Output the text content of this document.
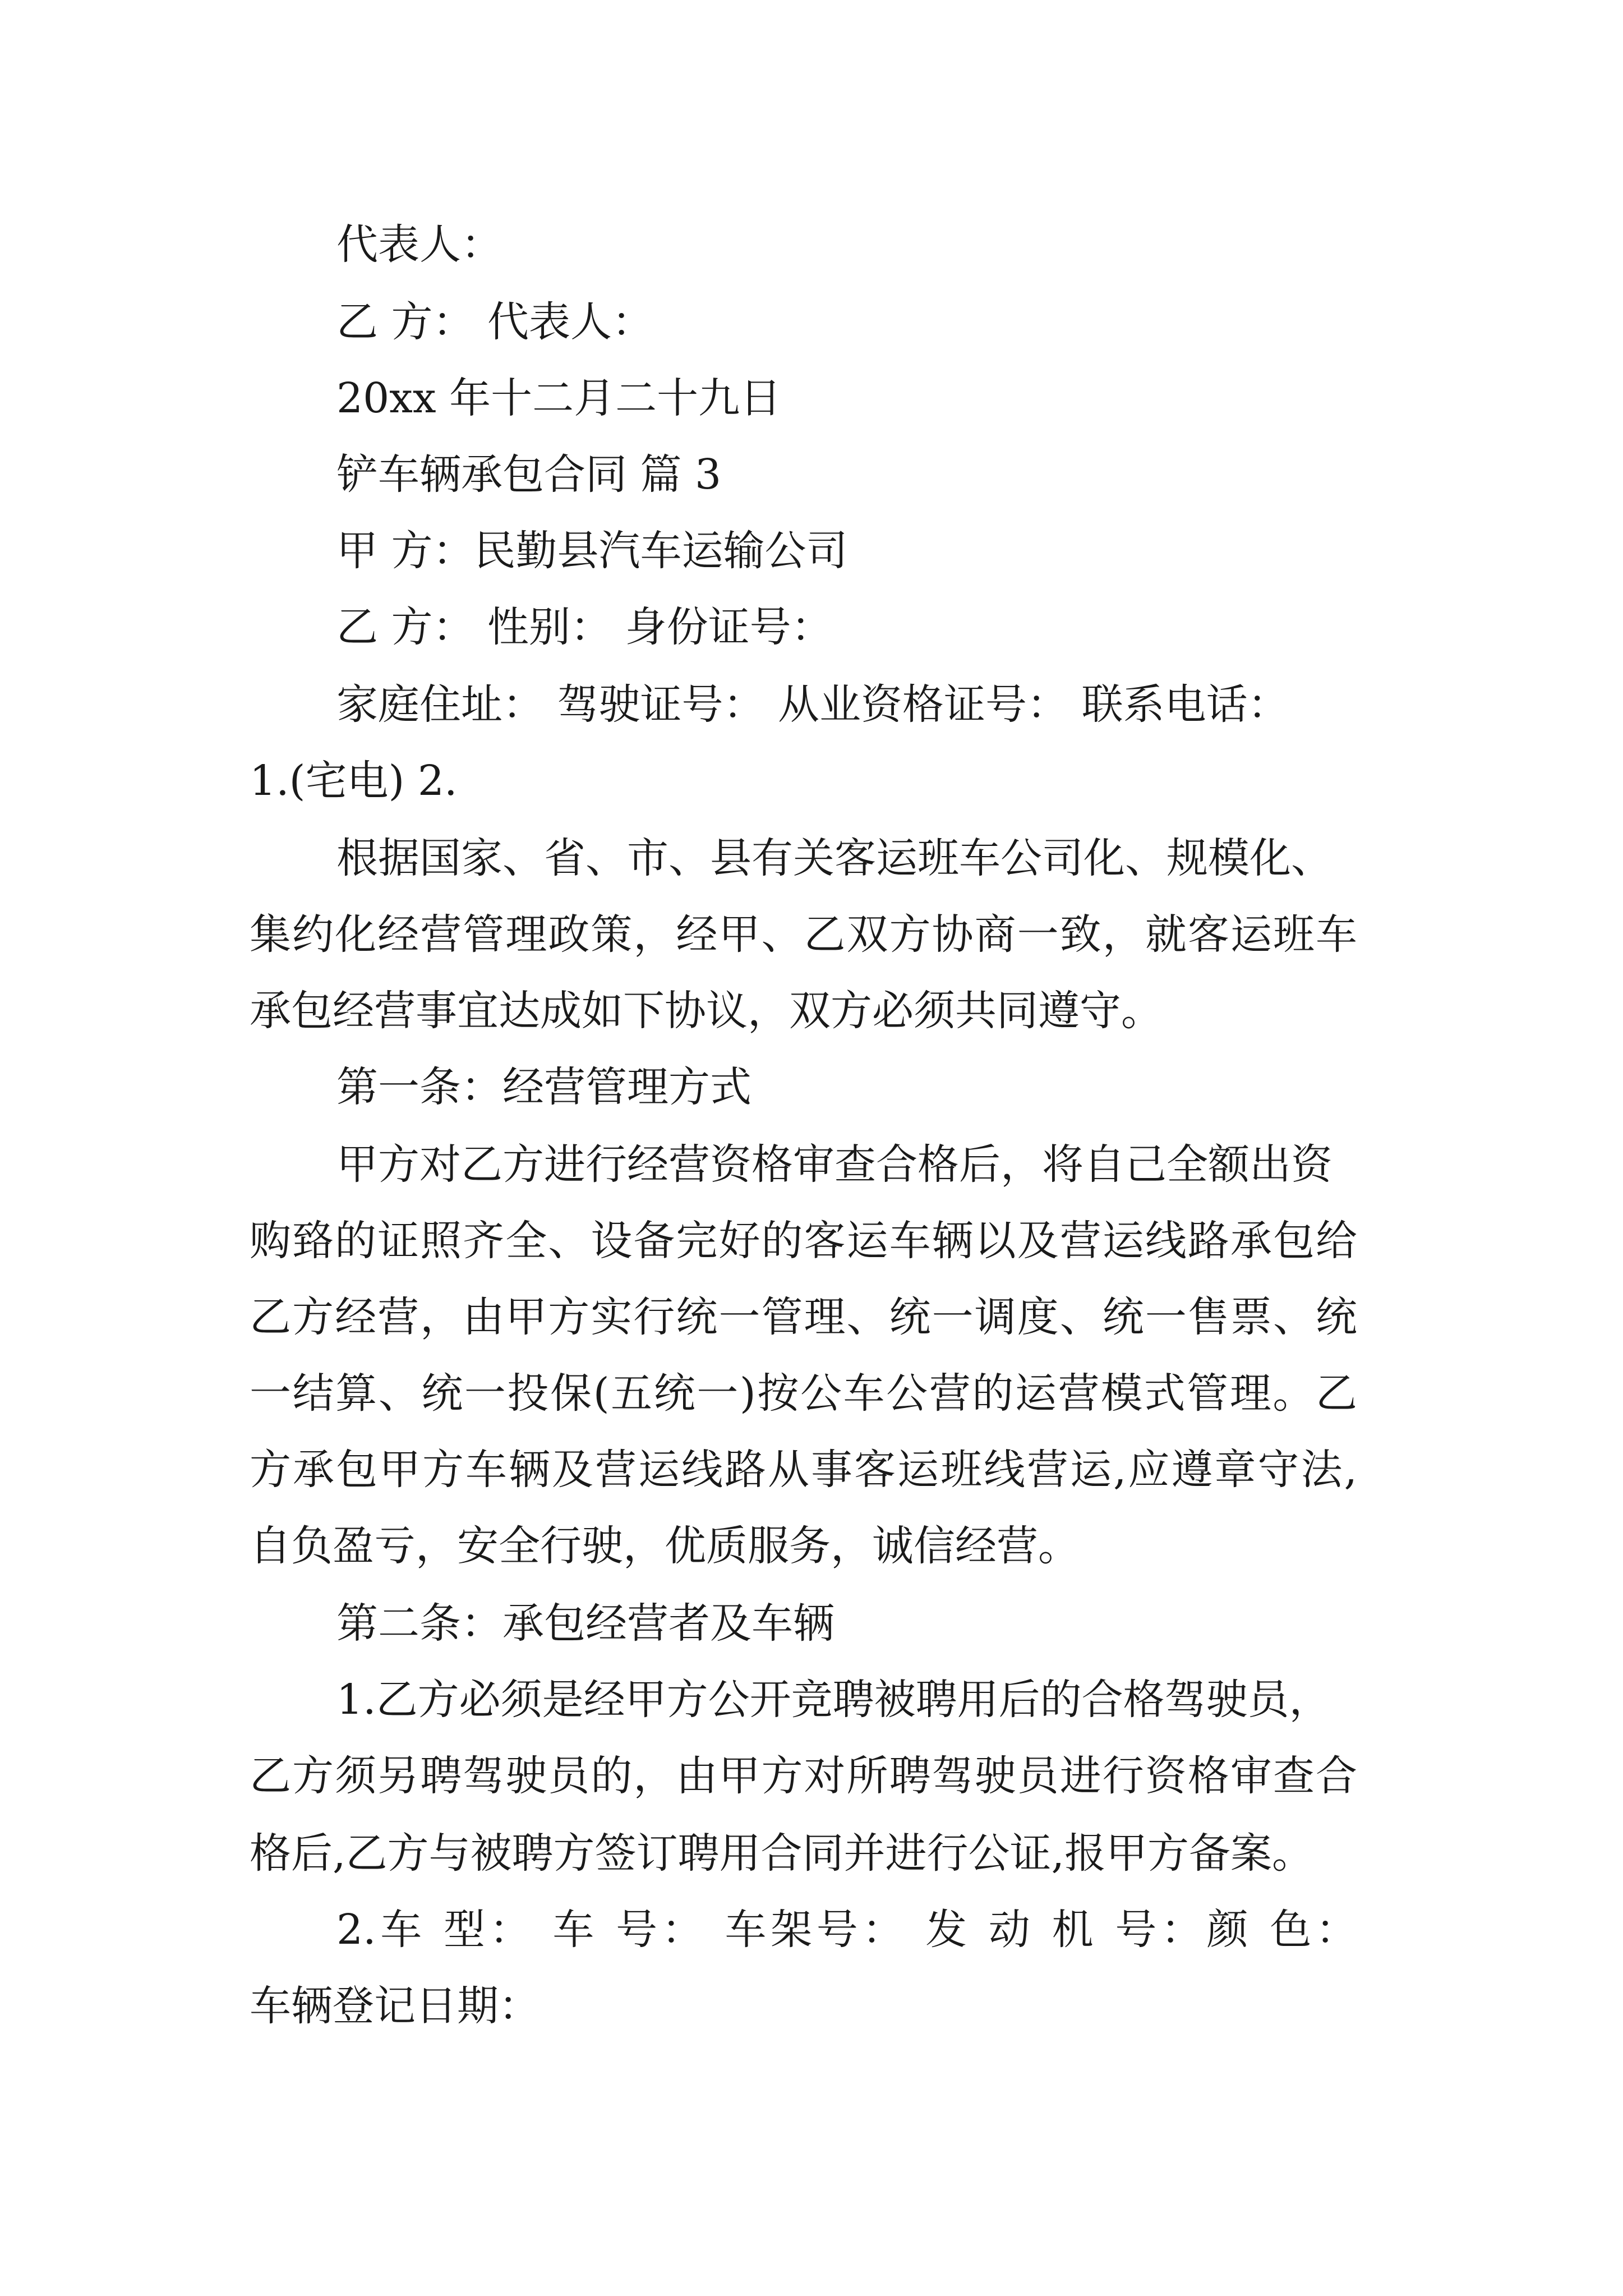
代表人：

乙 方： 代表人：

20xx 年十二月二十九日

铲车辆承包合同 篇 3

甲 方：民勤县汽车运输公司

乙 方： 性别： 身份证号：

家庭住址： 驾驶证号： 从业资格证号： 联系电话：

1.(宅电) 2.

根据国家、省、市、县有关客运班车公司化、规模化、

集约化经营管理政策，经甲、乙双方协商一致，就客运班车

承包经营事宜达成如下协议，双方必须共同遵守。

第一条：经营管理方式

甲方对乙方进行经营资格审查合格后，将自己全额出资

购臵的证照齐全、设备完好的客运车辆以及营运线路承包给

乙方经营，由甲方实行统一管理、统一调度、统一售票、统

一结算、统一投保(五统一)按公车公营的运营模式管理。乙

方承包甲方车辆及营运线路从事客运班线营运,应遵章守法,

自负盈亏，安全行驶，优质服务，诚信经营。

第二条：承包经营者及车辆

1.乙方必须是经甲方公开竞聘被聘用后的合格驾驶员，

乙方须另聘驾驶员的，由甲方对所聘驾驶员进行资格审查合

格后,乙方与被聘方签订聘用合同并进行公证,报甲方备案。

2.车 型： 车 号： 车架号： 发 动 机 号：颜 色：

车辆登记日期：
